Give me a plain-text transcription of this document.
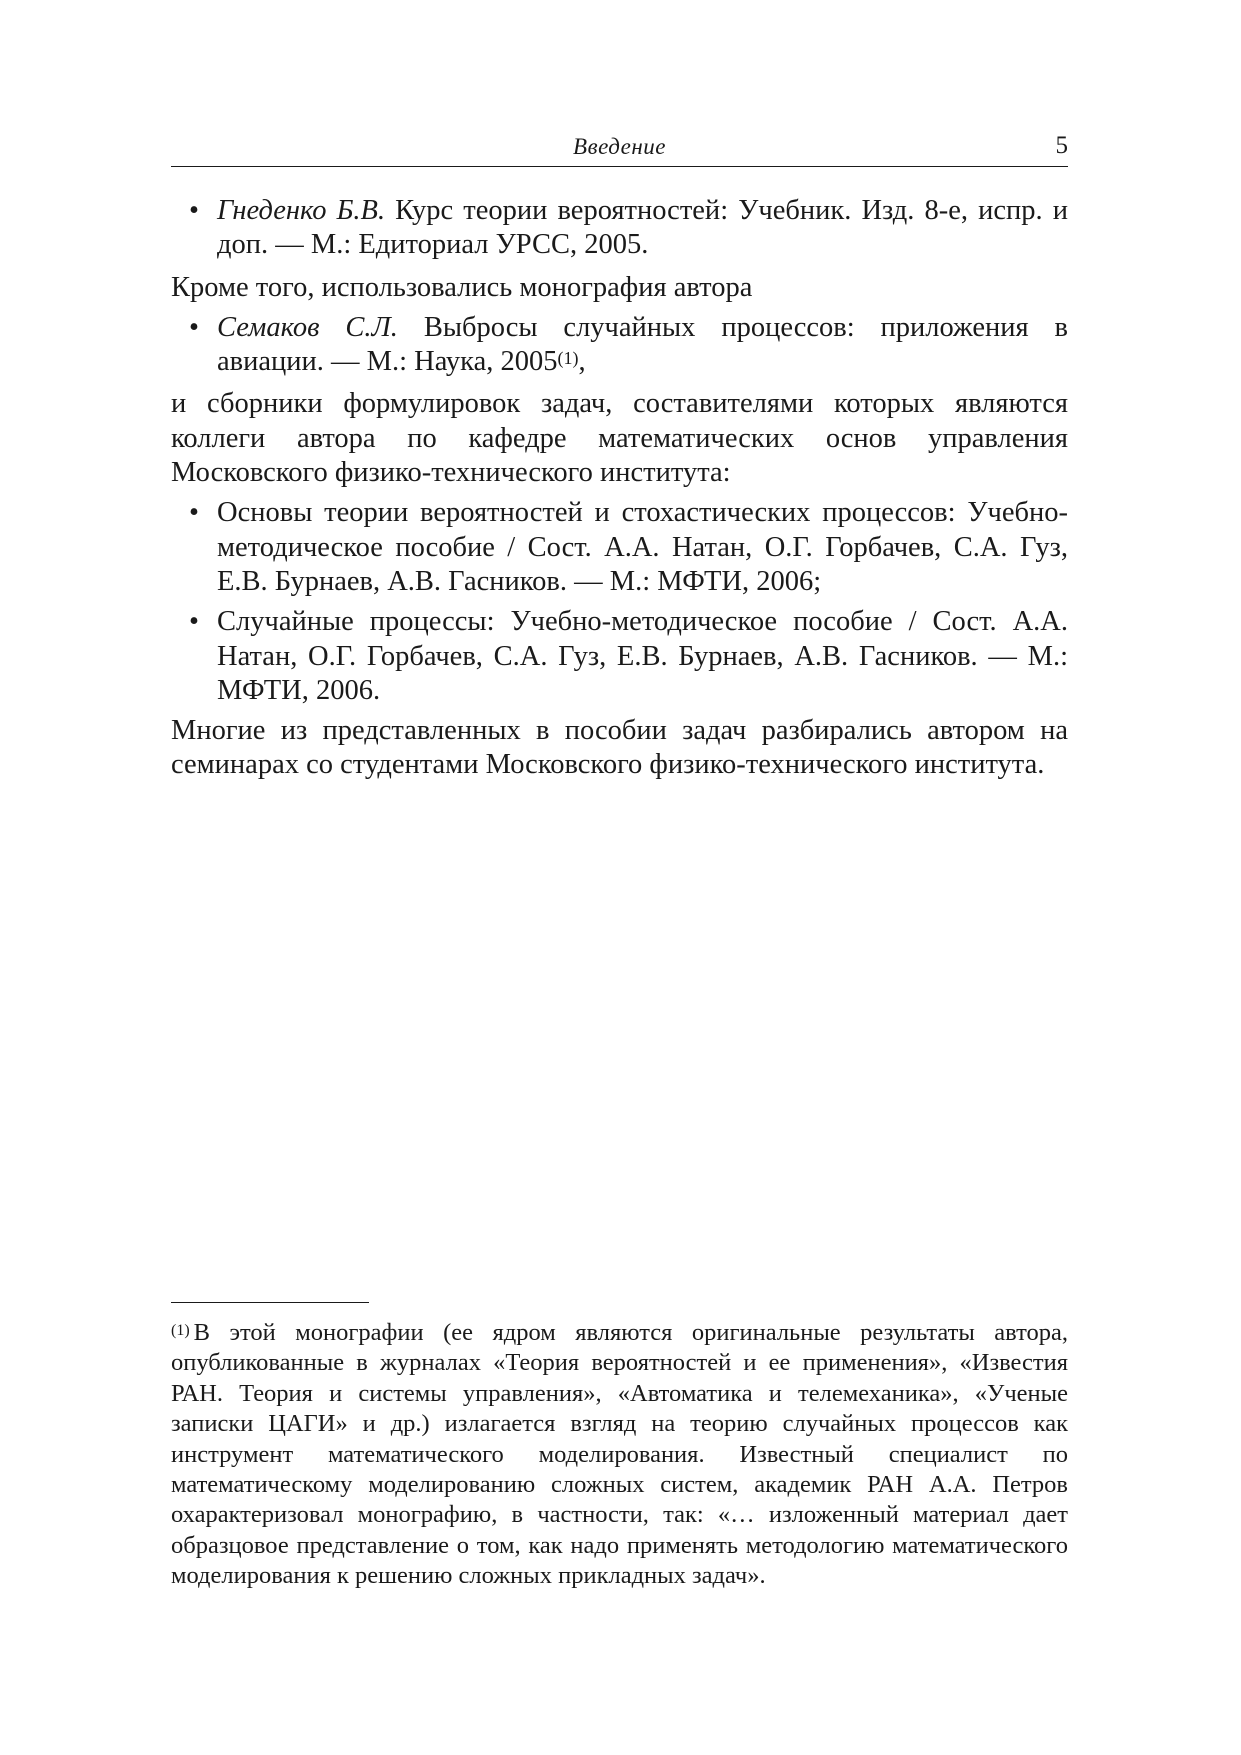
Введение	5
• Гнеденко Б.В. Курс теории вероятностей: Учебник. Изд. 8-е, испр. и доп. — М.: Едиториал УРСС, 2005.

Кроме того, использовались монография автора

• Семаков С.Л. Выбросы случайных процессов: приложения в авиации. — М.: Наука, 2005$^{(1)}$,

и сборники формулировок задач, составителями которых являются коллеги автора по кафедре математических основ управления Московского физико-технического института:

• Основы теории вероятностей и стохастических процессов: Учебно-методическое пособие / Сост. А.А. Натан, О.Г. Горбачев, С.А. Гуз, Е.В. Бурнаев, А.В. Гасников. — М.: МФТИ, 2006;
• Случайные процессы: Учебно-методическое пособие / Сост. А.А. Натан, О.Г. Горбачев, С.А. Гуз, Е.В. Бурнаев, А.В. Гасников. — М.: МФТИ, 2006.

Многие из представленных в пособии задач разбирались автором на семинарах со студентами Московского физико-технического института.

$^{(1)}$ В этой монографии (ее ядром являются оригинальные результаты автора, опубликованные в журналах «Теория вероятностей и ее применения», «Известия РАН. Теория и системы управления», «Автоматика и телемеханика», «Ученые записки ЦАГИ» и др.) излагается взгляд на теорию случайных процессов как инструмент математического моделирования. Известный специалист по математическому моделированию сложных систем, академик РАН А.А. Петров охарактеризовал монографию, в частности, так: «… изложенный материал дает образцовое представление о том, как надо применять методологию математического моделирования к решению сложных прикладных задач».
